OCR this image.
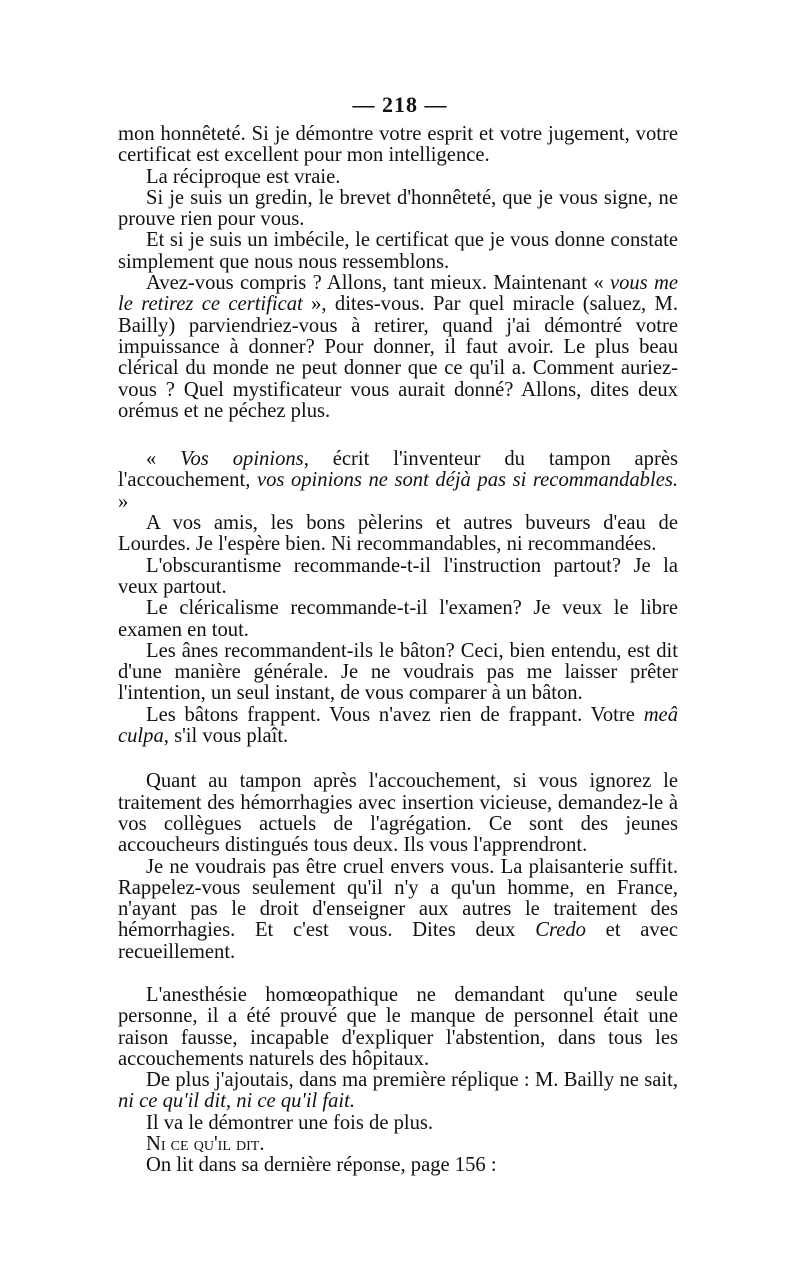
— 218 —

mon honnêteté. Si je démontre votre esprit et votre jugement, votre certificat est excellent pour mon intelligence.

La réciproque est vraie.

Si je suis un gredin, le brevet d'honnêteté, que je vous signe, ne prouve rien pour vous.

Et si je suis un imbécile, le certificat que je vous donne constate simplement que nous nous ressemblons.

Avez-vous compris ? Allons, tant mieux. Maintenant « vous me le retirez ce certificat », dites-vous. Par quel miracle (saluez, M. Bailly) parviendriez-vous à retirer, quand j'ai démontré votre impuissance à donner? Pour donner, il faut avoir. Le plus beau clérical du monde ne peut donner que ce qu'il a. Comment auriez-vous ? Quel mystificateur vous aurait donné? Allons, dites deux orémus et ne péchez plus.

« Vos opinions, écrit l'inventeur du tampon après l'accouchement, vos opinions ne sont déjà pas si recommandables. »

A vos amis, les bons pèlerins et autres buveurs d'eau de Lourdes. Je l'espère bien. Ni recommandables, ni recommandées.

L'obscurantisme recommande-t-il l'instruction partout? Je la veux partout.

Le cléricalisme recommande-t-il l'examen? Je veux le libre examen en tout.

Les ânes recommandent-ils le bâton? Ceci, bien entendu, est dit d'une manière générale. Je ne voudrais pas me laisser prêter l'intention, un seul instant, de vous comparer à un bâton.

Les bâtons frappent. Vous n'avez rien de frappant. Votre meâ culpa, s'il vous plaît.

Quant au tampon après l'accouchement, si vous ignorez le traitement des hémorrhagies avec insertion vicieuse, demandez-le à vos collègues actuels de l'agrégation. Ce sont des jeunes accoucheurs distingués tous deux. Ils vous l'apprendront.

Je ne voudrais pas être cruel envers vous. La plaisanterie suffit. Rappelez-vous seulement qu'il n'y a qu'un homme, en France, n'ayant pas le droit d'enseigner aux autres le traitement des hémorrhagies. Et c'est vous. Dites deux Credo et avec recueillement.

L'anesthésie homœopathique ne demandant qu'une seule personne, il a été prouvé que le manque de personnel était une raison fausse, incapable d'expliquer l'abstention, dans tous les accouchements naturels des hôpitaux.

De plus j'ajoutais, dans ma première réplique : M. Bailly ne sait, ni ce qu'il dit, ni ce qu'il fait.

Il va le démontrer une fois de plus.

Ni ce qu'il dit.

On lit dans sa dernière réponse, page 156 :
